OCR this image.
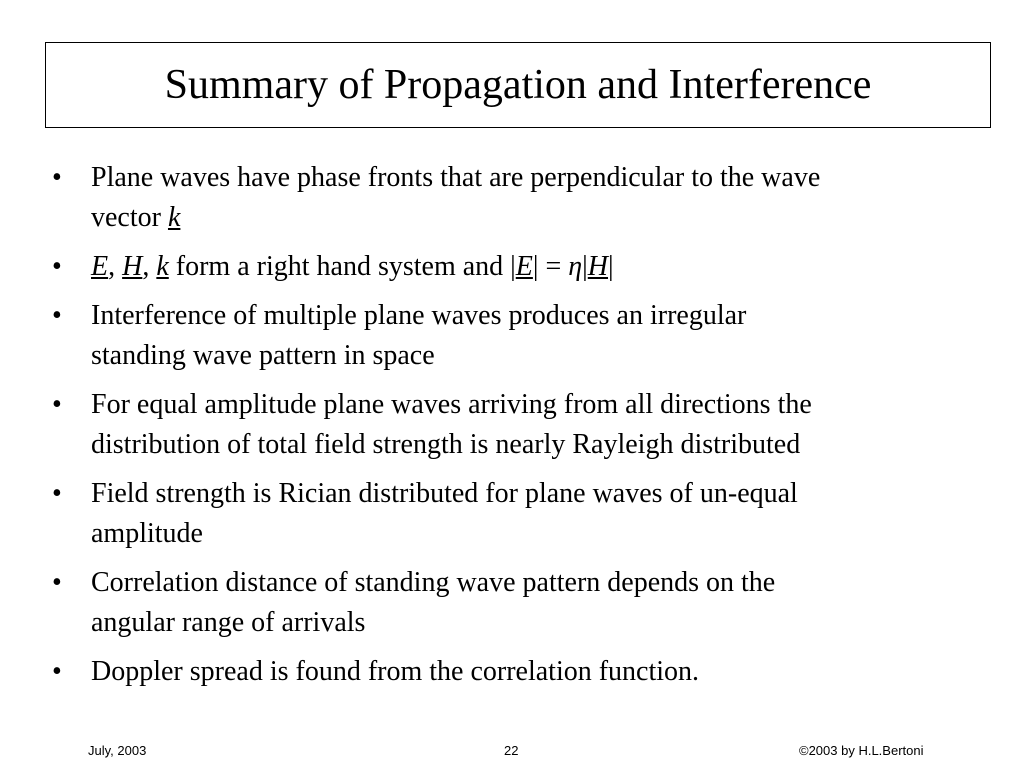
Summary of Propagation and Interference
•	Plane waves have phase fronts that are perpendicular to the wave
vector k
•	E, H, k form a right hand system and |E| = η|H|
•	Interference of multiple plane waves produces an irregular
standing wave pattern in space
•	For equal amplitude plane waves arriving from all directions the
distribution of total field strength is nearly Rayleigh distributed
•	Field strength is Rician distributed for plane waves of un-equal
amplitude
•	Correlation distance of standing wave pattern depends on the
angular range of arrivals
•	Doppler spread is found from the correlation function.
July, 2003	22	©2003 by H.L.Bertoni
